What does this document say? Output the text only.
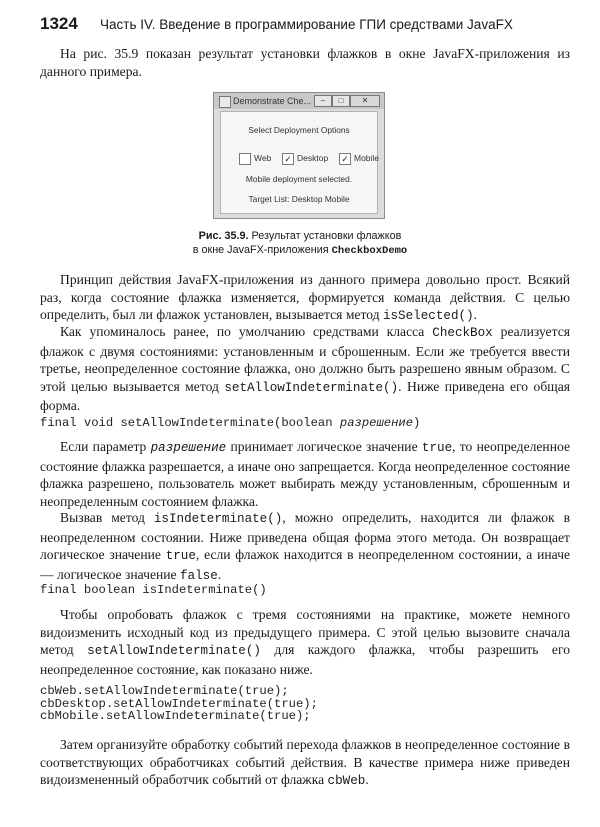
1324 Часть IV. Введение в программирование ГПИ средствами JavaFX

На рис. 35.9 показан результат установки флажков в окне JavaFX-приложения из данного примера.

Demonstrate Che...	–	□	✕
Select Deployment Options
Web ✓ Desktop ✓ Mobile
Mobile deployment selected.
Target List: Desktop Mobile
Рис. 35.9. Результат установки флажков
в окне JavaFX-приложения CheckboxDemo

Принцип действия JavaFX-приложения из данного примера довольно прост. Всякий раз, когда состояние флажка изменяется, формируется команда действия. С целью определить, был ли флажок установлен, вызывается метод isSelected().

Как упоминалось ранее, по умолчанию средствами класса CheckBox реализуется флажок с двумя состояниями: установленным и сброшенным. Если же требуется ввести третье, неопределенное состояние флажка, оно должно быть разрешено явным образом. С этой целью вызывается метод setAllowIndeterminate(). Ниже приведена его общая форма.

final void setAllowIndeterminate(boolean разрешение)

Если параметр разрешение принимает логическое значение true, то неопределенное состояние флажка разрешается, а иначе оно запрещается. Когда неопределенное состояние флажка разрешено, пользователь может выбирать между установленным, сброшенным и неопределенным состоянием флажка.

Вызвав метод isIndeterminate(), можно определить, находится ли флажок в неопределенном состоянии. Ниже приведена общая форма этого метода. Он возвращает логическое значение true, если флажок находится в неопределенном состоянии, а иначе — логическое значение false.

final boolean isIndeterminate()

Чтобы опробовать флажок с тремя состояниями на практике, можете немного видоизменить исходный код из предыдущего примера. С этой целью вызовите сначала метод setAllowIndeterminate() для каждого флажка, чтобы разрешить его неопределенное состояние, как показано ниже.

cbWeb.setAllowIndeterminate(true);
cbDesktop.setAllowIndeterminate(true);
cbMobile.setAllowIndeterminate(true);

Затем организуйте обработку событий перехода флажков в неопределенное состояние в соответствующих обработчиках событий действия. В качестве примера ниже приведен видоизмененный обработчик событий от флажка cbWeb.
